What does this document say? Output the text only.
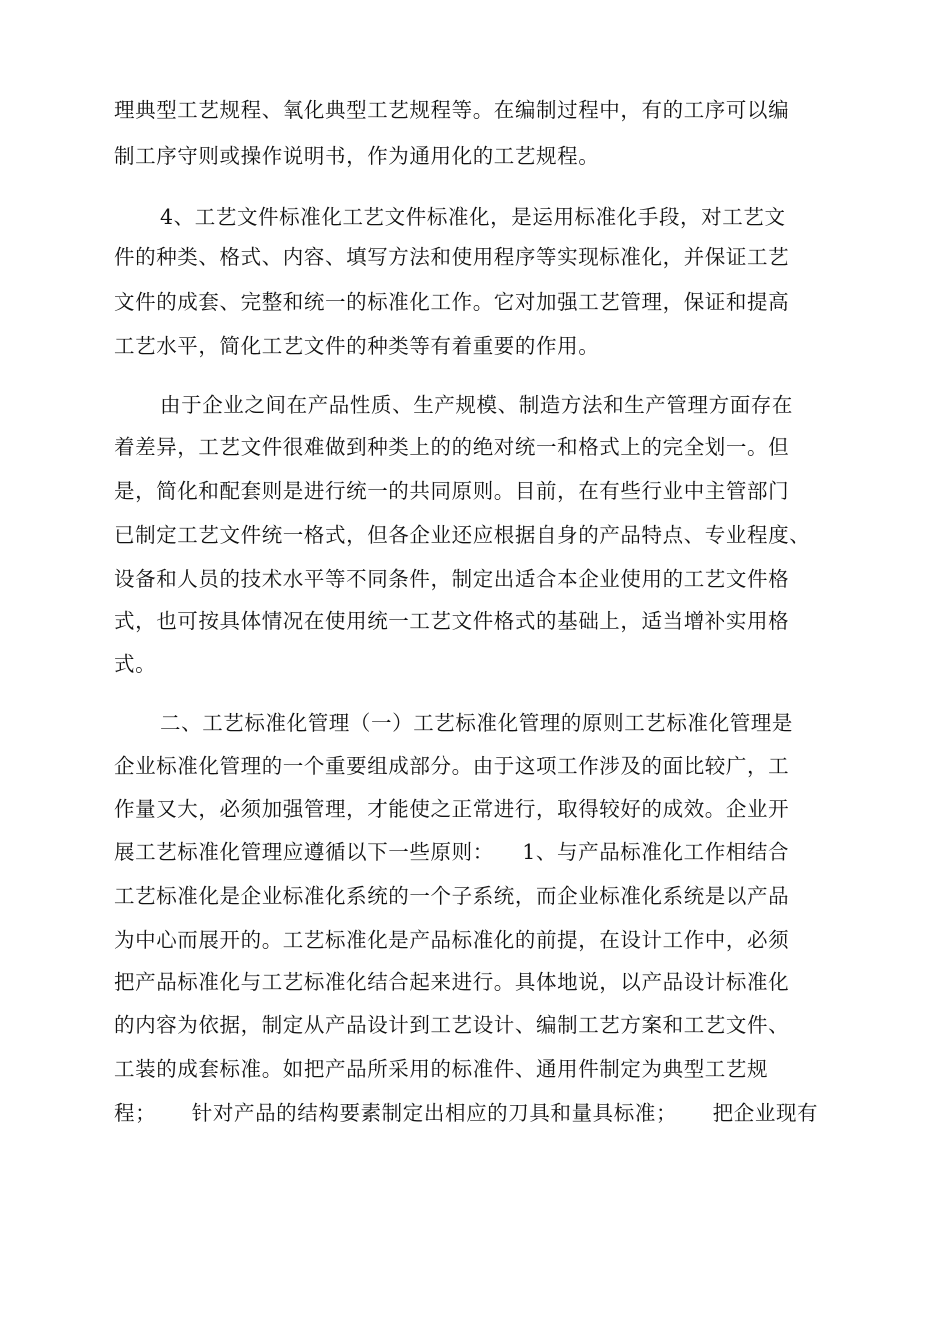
理典型工艺规程、氧化典型工艺规程等。在编制过程中，有的工序可以编
制工序守则或操作说明书，作为通用化的工艺规程。
4、工艺文件标准化工艺文件标准化，是运用标准化手段，对工艺文
件的种类、格式、内容、填写方法和使用程序等实现标准化，并保证工艺
文件的成套、完整和统一的标准化工作。它对加强工艺管理，保证和提高
工艺水平，简化工艺文件的种类等有着重要的作用。
由于企业之间在产品性质、生产规模、制造方法和生产管理方面存在
着差异，工艺文件很难做到种类上的的绝对统一和格式上的完全划一。但
是，简化和配套则是进行统一的共同原则。目前，在有些行业中主管部门
已制定工艺文件统一格式，但各企业还应根据自身的产品特点、专业程度、
设备和人员的技术水平等不同条件，制定出适合本企业使用的工艺文件格
式，也可按具体情况在使用统一工艺文件格式的基础上，适当增补实用格
式。
二、工艺标准化管理（一）工艺标准化管理的原则工艺标准化管理是
企业标准化管理的一个重要组成部分。由于这项工作涉及的面比较广，工
作量又大，必须加强管理，才能使之正常进行，取得较好的成效。企业开
展工艺标准化管理应遵循以下一些原则：    1、与产品标准化工作相结合
工艺标准化是企业标准化系统的一个子系统，而企业标准化系统是以产品
为中心而展开的。工艺标准化是产品标准化的前提，在设计工作中，必须
把产品标准化与工艺标准化结合起来进行。具体地说，以产品设计标准化
的内容为依据，制定从产品设计到工艺设计、编制工艺方案和工艺文件、
工装的成套标准。如把产品所采用的标准件、通用件制定为典型工艺规
程；     针对产品的结构要素制定出相应的刀具和量具标准；     把企业现有
